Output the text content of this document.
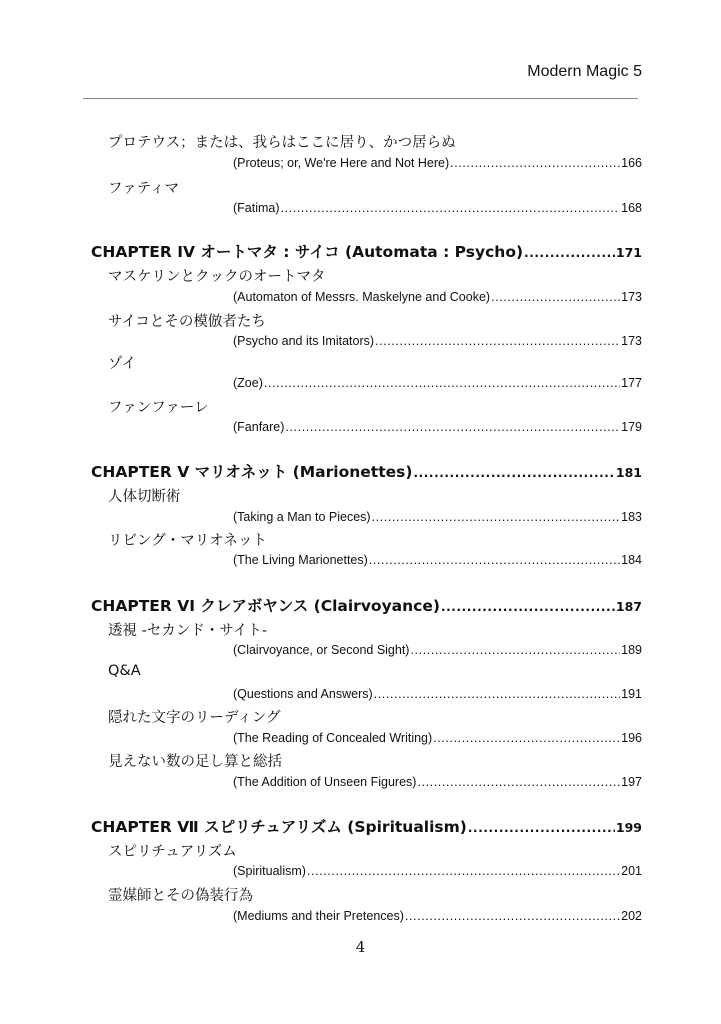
Modern Magic 5
プロテウス；または、我らはここに居り、かつ居らぬ
(Proteus; or, We're Here and Not Here) .....	166
ファティマ
(Fatima) .....	168
CHAPTER IV オートマタ : サイコ (Automata : Psycho) .....	171
マスケリンとクックのオートマタ
(Automaton of Messrs. Maskelyne and Cooke) .....	173
サイコとその模倣者たち
(Psycho and its Imitators) .....	173
ゾイ
(Zoe) .....	177
ファンファーレ
(Fanfare) .....	179
CHAPTER V マリオネット (Marionettes) .....	181
人体切断術
(Taking a Man to Pieces) .....	183
リビング・マリオネット
(The Living Marionettes) .....	184
CHAPTER VI クレアボヤンス (Clairvoyance) .....	187
透視 -セカンド・サイト-
(Clairvoyance, or Second Sight) .....	189
Q&A
(Questions and Answers) .....	191
隠れた文字のリーディング
(The Reading of Concealed Writing) .....	196
見えない数の足し算と総括
(The Addition of Unseen Figures) .....	197
CHAPTER Ⅶ スピリチュアリズム (Spiritualism) .....	199
スピリチュアリズム
(Spiritualism) .....	201
霊媒師とその偽装行為
(Mediums and their Pretences) .....	202
4
